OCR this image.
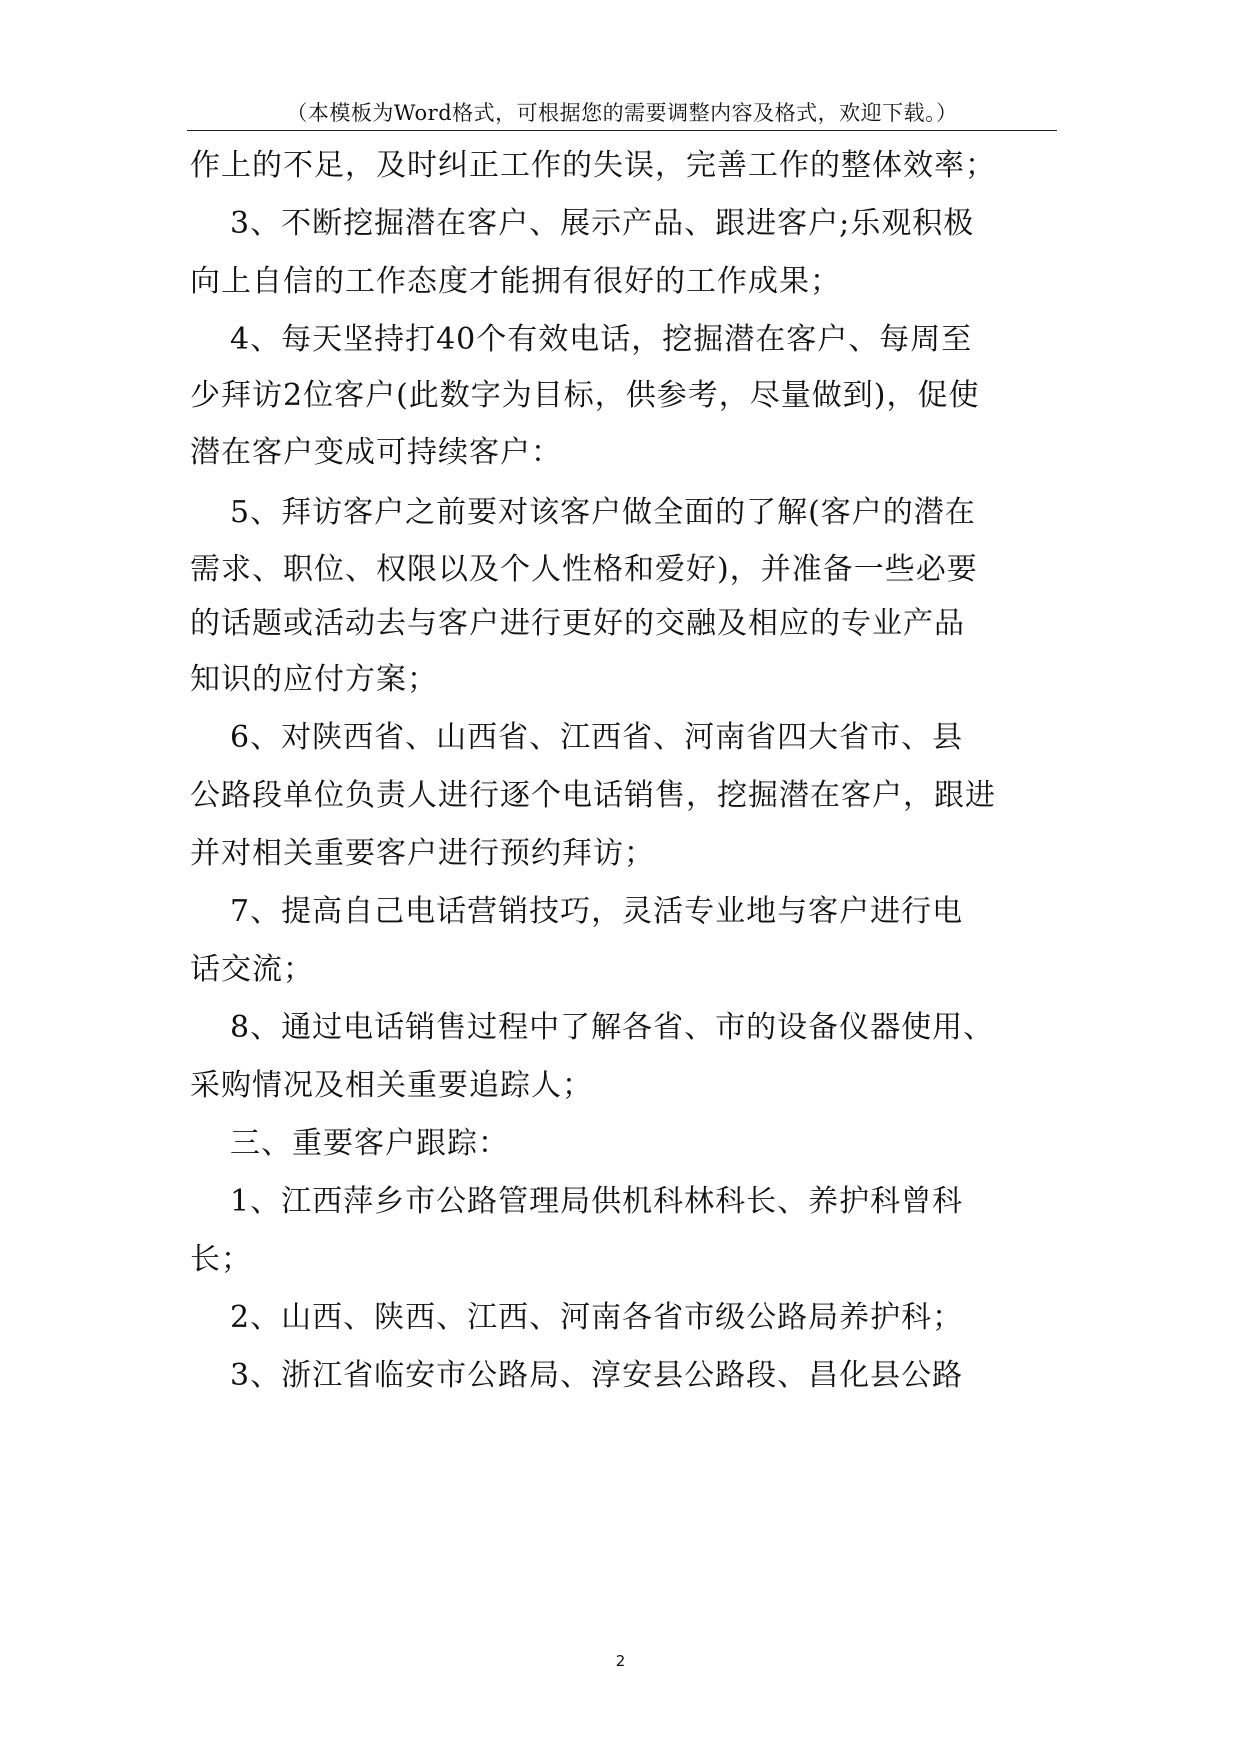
（本模板为Word格式，可根据您的需要调整内容及格式，欢迎下载。）
作上的不足，及时纠正工作的失误，完善工作的整体效率；
3、不断挖掘潜在客户、展示产品、跟进客户;乐观积极
向上自信的工作态度才能拥有很好的工作成果；
4、每天坚持打40个有效电话，挖掘潜在客户、每周至
少拜访2位客户(此数字为目标，供参考，尽量做到)，促使
潜在客户变成可持续客户：
5、拜访客户之前要对该客户做全面的了解(客户的潜在
需求、职位、权限以及个人性格和爱好)，并准备一些必要
的话题或活动去与客户进行更好的交融及相应的专业产品
知识的应付方案；
6、对陕西省、山西省、江西省、河南省四大省市、县
公路段单位负责人进行逐个电话销售，挖掘潜在客户，跟进
并对相关重要客户进行预约拜访；
7、提高自己电话营销技巧，灵活专业地与客户进行电
话交流；
8、通过电话销售过程中了解各省、市的设备仪器使用、
采购情况及相关重要追踪人；
三、重要客户跟踪：
1、江西萍乡市公路管理局供机科林科长、养护科曾科
长；
2、山西、陕西、江西、河南各省市级公路局养护科；
3、浙江省临安市公路局、淳安县公路段、昌化县公路
2
